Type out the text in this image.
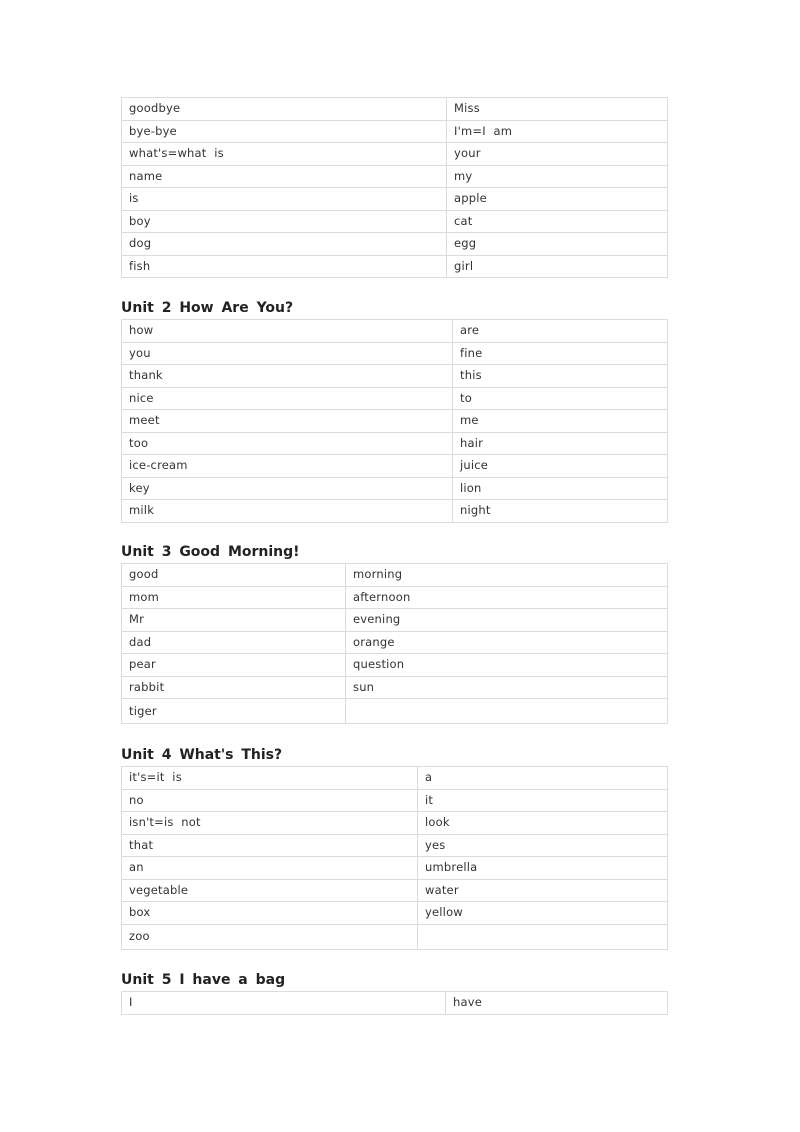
goodbye	Miss
bye-bye	I'm=I  am
what's=what  is	your
name	my
is	apple
boy	cat
dog	egg
fish	girl
Unit 2 How Are You?
how	are
you	fine
thank	this
nice	to
meet	me
too	hair
ice-cream	juice
key	lion
milk	night
Unit 3 Good Morning!
good	morning
mom	afternoon
Mr	evening
dad	orange
pear	question
rabbit	sun
tiger	
Unit 4 What's This?
it's=it  is	a
no	it
isn't=is  not	look
that	yes
an	umbrella
vegetable	water
box	yellow
zoo	
Unit 5 I have a bag
I	have
